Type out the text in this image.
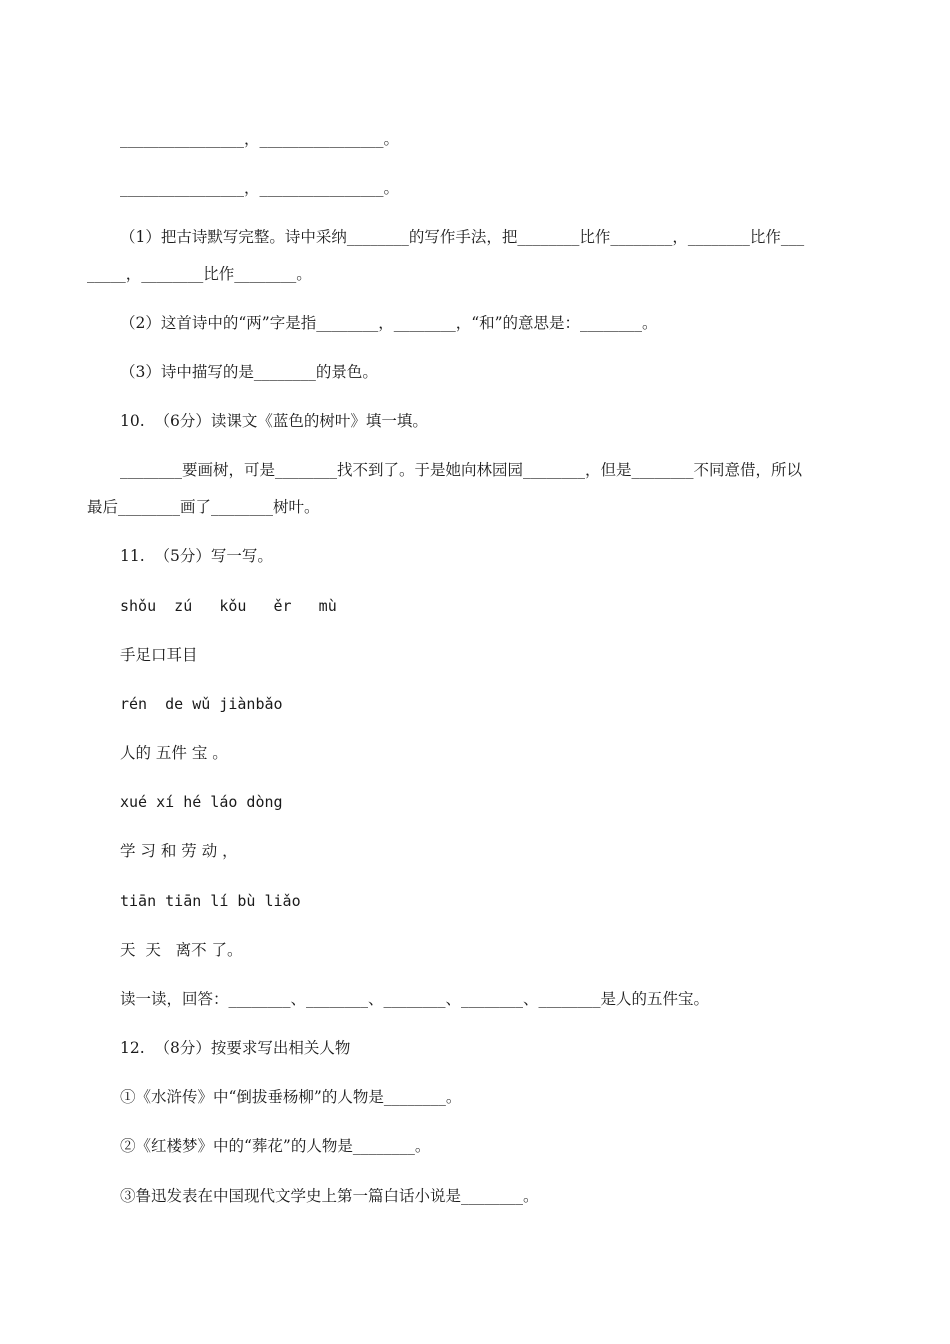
________________，________________。
________________，________________。
（1）把古诗默写完整。诗中采纳________的写作手法，把________比作________，________比作___
_____，________比作________。
（2）这首诗中的“两”字是指________，________，“和”的意思是：________。
（3）诗中描写的是________的景色。
10.  （6分）读课文《蓝色的树叶》填一填。
________要画树，可是________找不到了。于是她向林园园________，但是________不同意借，所以
最后________画了________树叶。
11.  （5分）写一写。
shǒu  zú   kǒu   ěr   mù
手足口耳目
rén  de wǔ jiànbǎo
人的 五件 宝 。
xué xí hé láo dòng
学 习 和 劳 动 ，
tiān tiān lí bù liǎo
天  天   离不 了。
读一读，回答：________、________、________、________、________是人的五件宝。
12.  （8分）按要求写出相关人物
①《水浒传》中“倒拔垂杨柳”的人物是________。
②《红楼梦》中的“葬花”的人物是________。
③鲁迅发表在中国现代文学史上第一篇白话小说是________。
